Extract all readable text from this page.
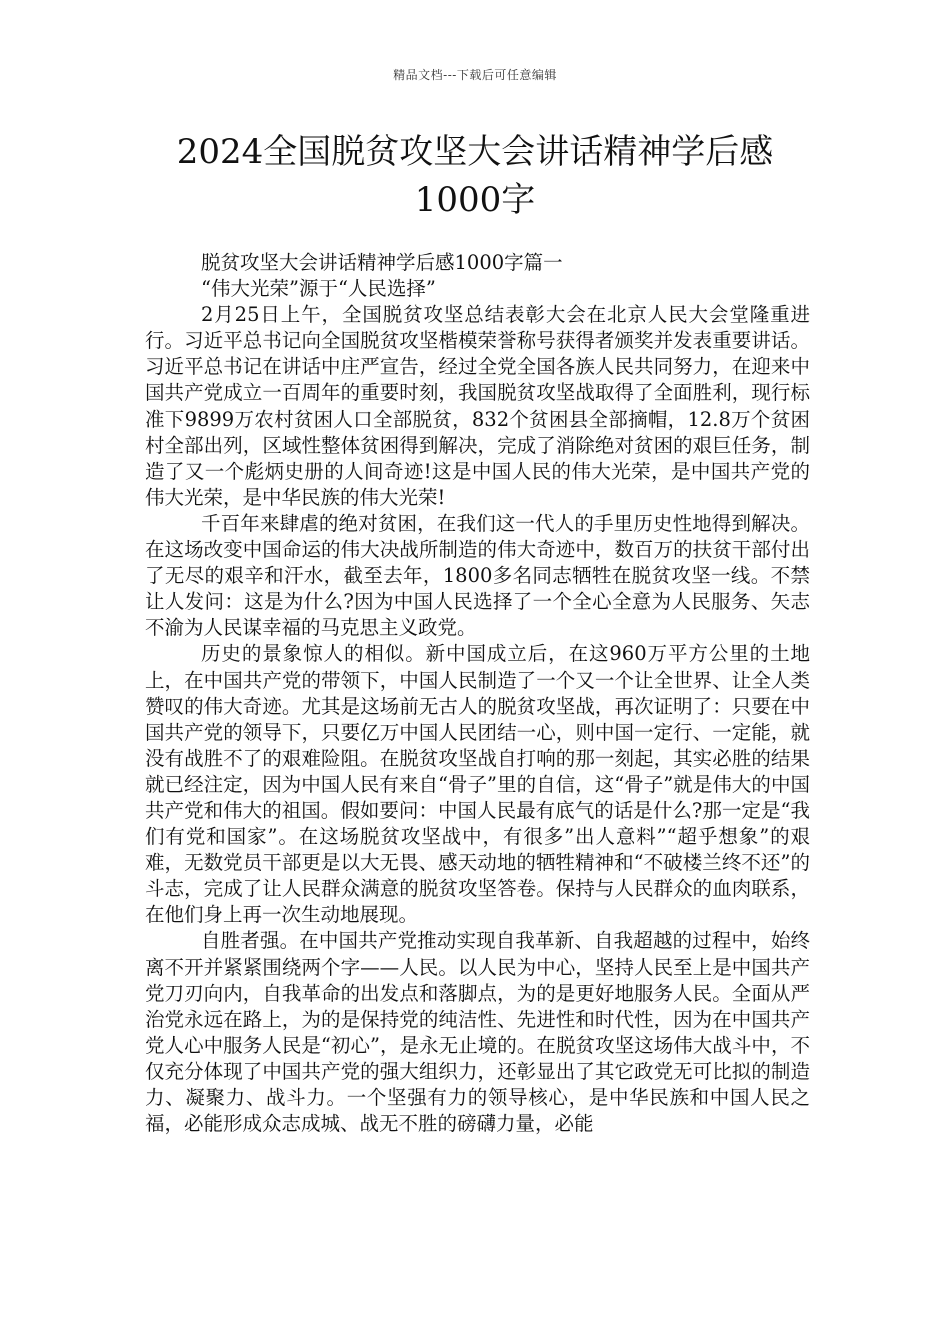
精品文档---下载后可任意编辑
2024全国脱贫攻坚大会讲话精神学后感
1000字

脱贫攻坚大会讲话精神学后感1000字篇一

“伟大光荣”源于“人民选择”

2月25日上午，全国脱贫攻坚总结表彰大会在北京人民大会堂隆重进行。习近平总书记向全国脱贫攻坚楷模荣誉称号获得者颁奖并发表重要讲话。习近平总书记在讲话中庄严宣告，经过全党全国各族人民共同努力，在迎来中国共产党成立一百周年的重要时刻，我国脱贫攻坚战取得了全面胜利，现行标准下9899万农村贫困人口全部脱贫，832个贫困县全部摘帽，12.8万个贫困村全部出列，区域性整体贫困得到解决，完成了消除绝对贫困的艰巨任务，制造了又一个彪炳史册的人间奇迹!这是中国人民的伟大光荣，是中国共产党的伟大光荣，是中华民族的伟大光荣!

千百年来肆虐的绝对贫困，在我们这一代人的手里历史性地得到解决。在这场改变中国命运的伟大决战所制造的伟大奇迹中，数百万的扶贫干部付出了无尽的艰辛和汗水，截至去年，1800多名同志牺牲在脱贫攻坚一线。不禁让人发问：这是为什么?因为中国人民选择了一个全心全意为人民服务、矢志不渝为人民谋幸福的马克思主义政党。

历史的景象惊人的相似。新中国成立后，在这960万平方公里的土地上，在中国共产党的带领下，中国人民制造了一个又一个让全世界、让全人类赞叹的伟大奇迹。尤其是这场前无古人的脱贫攻坚战，再次证明了：只要在中国共产党的领导下，只要亿万中国人民团结一心，则中国一定行、一定能，就没有战胜不了的艰难险阻。在脱贫攻坚战自打响的那一刻起，其实必胜的结果就已经注定，因为中国人民有来自“骨子”里的自信，这“骨子”就是伟大的中国共产党和伟大的祖国。假如要问：中国人民最有底气的话是什么?那一定是“我们有党和国家”。在这场脱贫攻坚战中，有很多”出人意料”“超乎想象”的艰难，无数党员干部更是以大无畏、感天动地的牺牲精神和“不破楼兰终不还”的斗志，完成了让人民群众满意的脱贫攻坚答卷。保持与人民群众的血肉联系，在他们身上再一次生动地展现。

自胜者强。在中国共产党推动实现自我革新、自我超越的过程中，始终离不开并紧紧围绕两个字——人民。以人民为中心，坚持人民至上是中国共产党刀刃向内，自我革命的出发点和落脚点，为的是更好地服务人民。全面从严治党永远在路上，为的是保持党的纯洁性、先进性和时代性，因为在中国共产党人心中服务人民是“初心”，是永无止境的。在脱贫攻坚这场伟大战斗中，不仅充分体现了中国共产党的强大组织力，还彰显出了其它政党无可比拟的制造力、凝聚力、战斗力。一个坚强有力的领导核心，是中华民族和中国人民之福，必能形成众志成城、战无不胜的磅礴力量，必能
